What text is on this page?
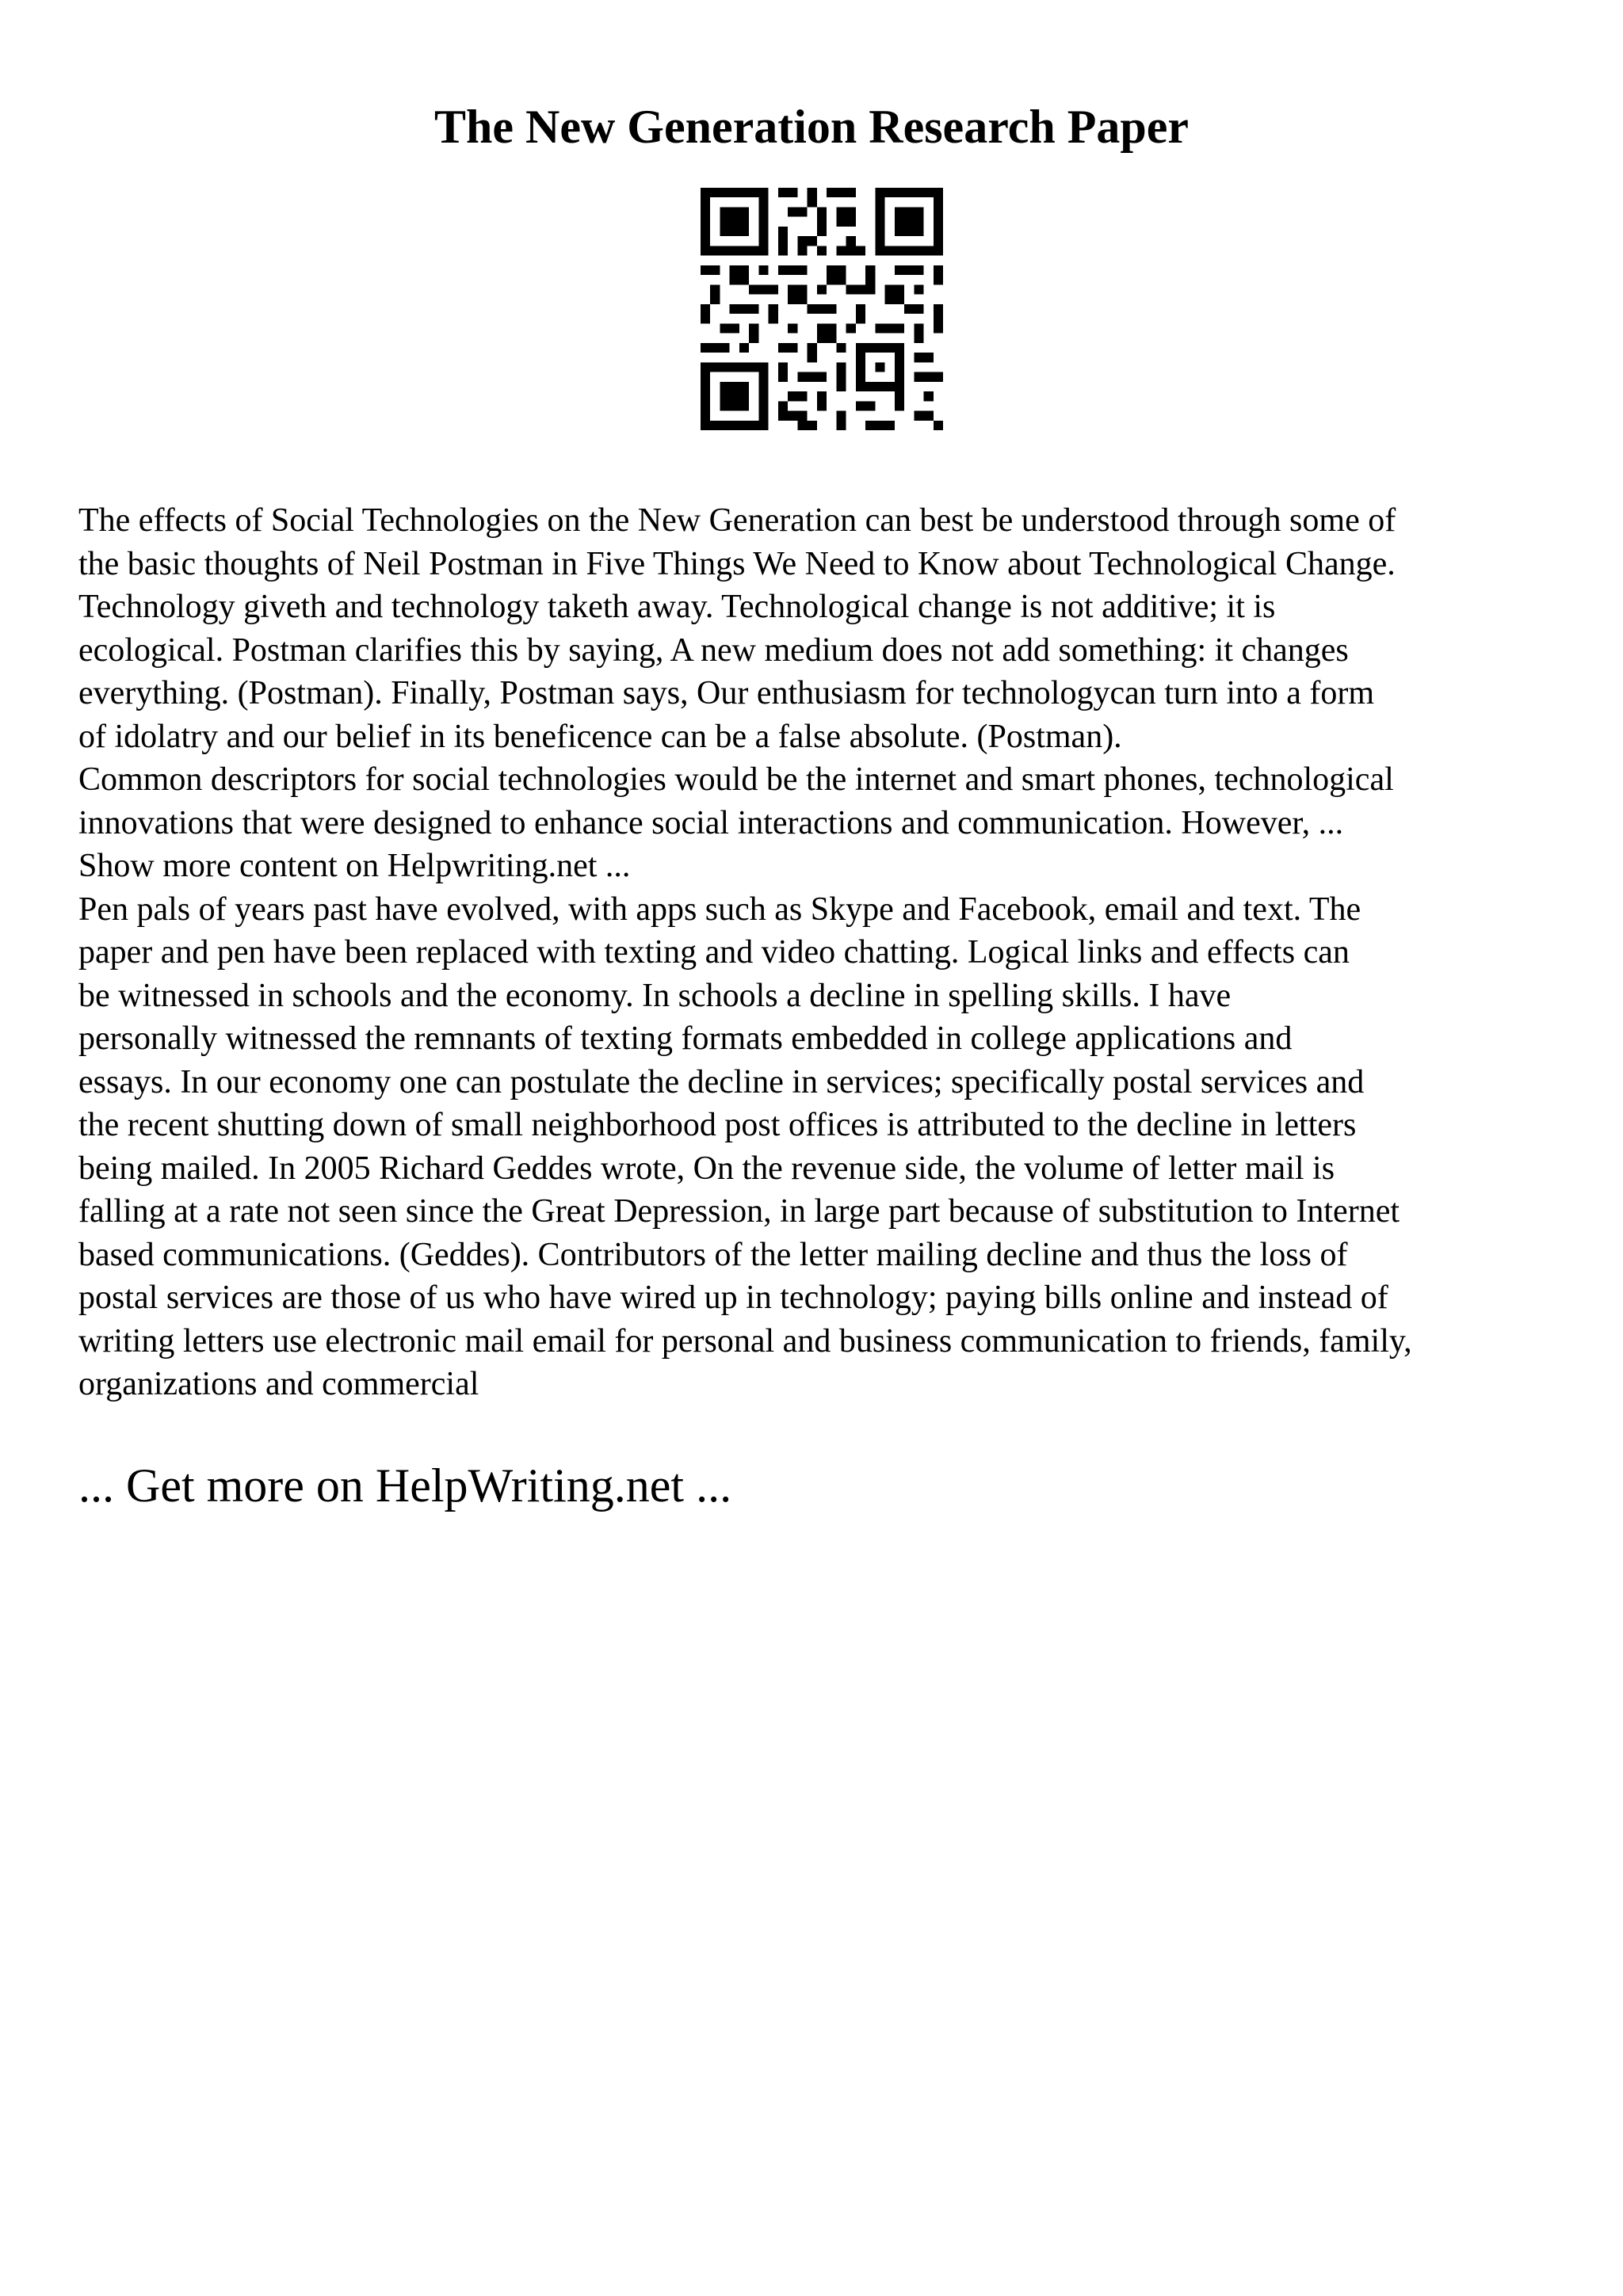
The New Generation Research Paper
The effects of Social Technologies on the New Generation can best be understood through some of
the basic thoughts of Neil Postman in Five Things We Need to Know about Technological Change.
Technology giveth and technology taketh away. Technological change is not additive; it is
ecological. Postman clarifies this by saying, A new medium does not add something: it changes
everything. (Postman). Finally, Postman says, Our enthusiasm for technologycan turn into a form
of idolatry and our belief in its beneficence can be a false absolute. (Postman).
Common descriptors for social technologies would be the internet and smart phones, technological
innovations that were designed to enhance social interactions and communication. However, ...
Show more content on Helpwriting.net ...
Pen pals of years past have evolved, with apps such as Skype and Facebook, email and text. The
paper and pen have been replaced with texting and video chatting. Logical links and effects can
be witnessed in schools and the economy. In schools a decline in spelling skills. I have
personally witnessed the remnants of texting formats embedded in college applications and
essays. In our economy one can postulate the decline in services; specifically postal services and
the recent shutting down of small neighborhood post offices is attributed to the decline in letters
being mailed. In 2005 Richard Geddes wrote, On the revenue side, the volume of letter mail is
falling at a rate not seen since the Great Depression, in large part because of substitution to Internet
based communications. (Geddes). Contributors of the letter mailing decline and thus the loss of
postal services are those of us who have wired up in technology; paying bills online and instead of
writing letters use electronic mail email for personal and business communication to friends, family,
organizations and commercial

... Get more on HelpWriting.net ...
